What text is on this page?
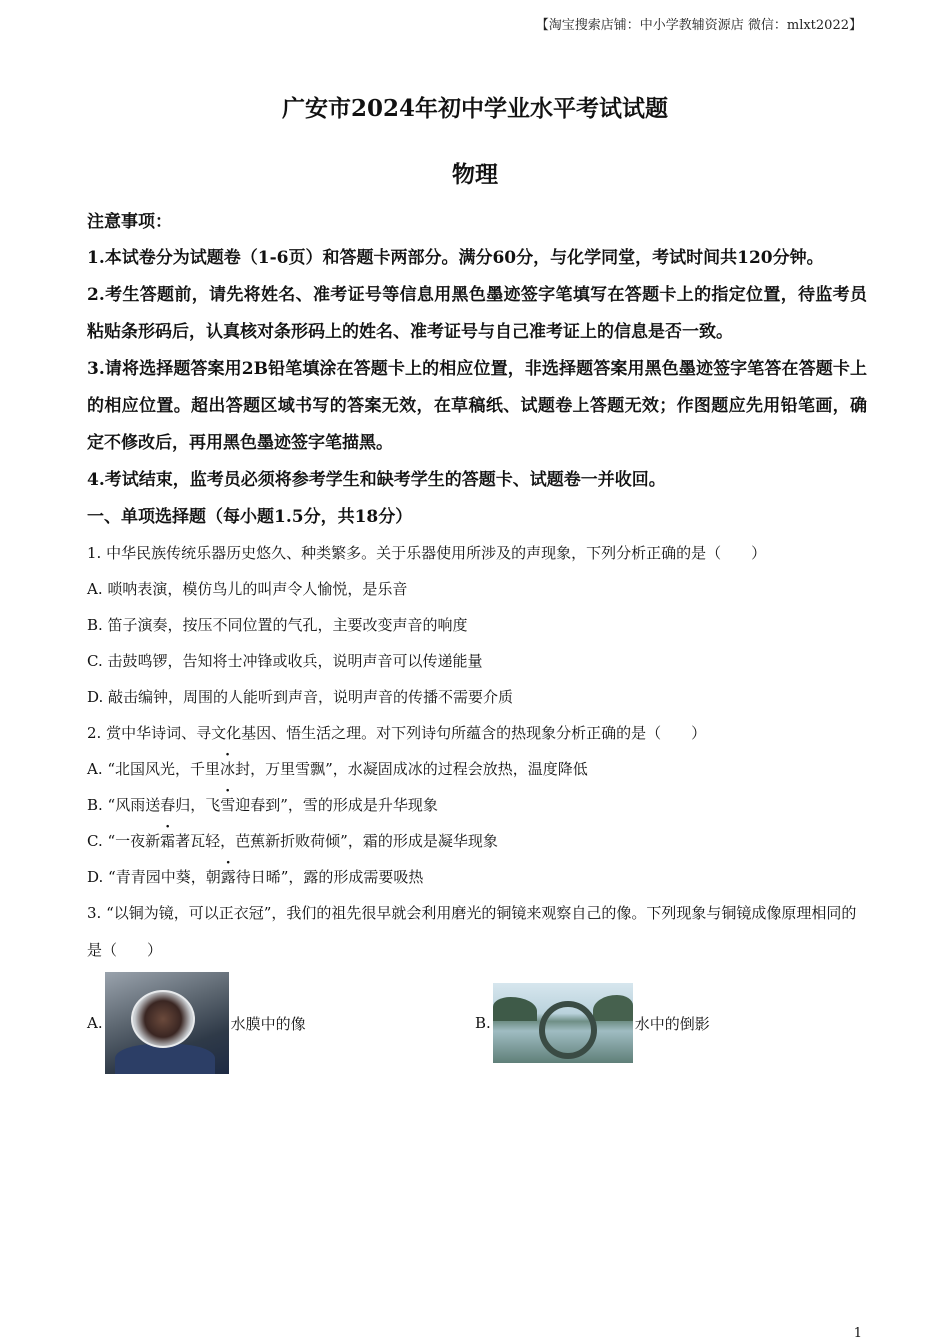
【淘宝搜索店铺：中小学教辅资源店 微信：mlxt2022】
广安市2024年初中学业水平考试试题
物理
注意事项：
1.本试卷分为试题卷（1-6页）和答题卡两部分。满分60分，与化学同堂，考试时间共120分钟。
2.考生答题前，请先将姓名、准考证号等信息用黑色墨迹签字笔填写在答题卡上的指定位置，待监考员粘贴条形码后，认真核对条形码上的姓名、准考证号与自己准考证上的信息是否一致。
3.请将选择题答案用2B铅笔填涂在答题卡上的相应位置，非选择题答案用黑色墨迹签字笔答在答题卡上的相应位置。超出答题区域书写的答案无效，在草稿纸、试题卷上答题无效；作图题应先用铅笔画，确定不修改后，再用黑色墨迹签字笔描黑。
4.考试结束，监考员必须将参考学生和缺考学生的答题卡、试题卷一并收回。
一、单项选择题（每小题1.5分，共18分）
1. 中华民族传统乐器历史悠久、种类繁多。关于乐器使用所涉及的声现象，下列分析正确的是（　　）
A. 唢呐表演，模仿鸟儿的叫声令人愉悦，是乐音
B. 笛子演奏，按压不同位置的气孔，主要改变声音的响度
C. 击鼓鸣锣，告知将士冲锋或收兵，说明声音可以传递能量
D. 敲击编钟，周围的人能听到声音，说明声音的传播不需要介质
2. 赏中华诗词、寻文化基因、悟生活之理。对下列诗句所蕴含的热现象分析正确的是（　　）
A. “北国风光，千里冰封，万里雪飘”，水凝固成冰的过程会放热，温度降低
B. “风雨送春归，飞雪迎春到”，雪的形成是升华现象
C. “一夜新霜著瓦轻，芭蕉新折败荷倾”，霜的形成是凝华现象
D. “青青园中葵，朝露待日晞”，露的形成需要吸热
3. “以铜为镜，可以正衣冠”，我们的祖先很早就会利用磨光的铜镜来观察自己的像。下列现象与铜镜成像原理相同的是（　　）
A.	水膜中的像	B.	水中的倒影
1
